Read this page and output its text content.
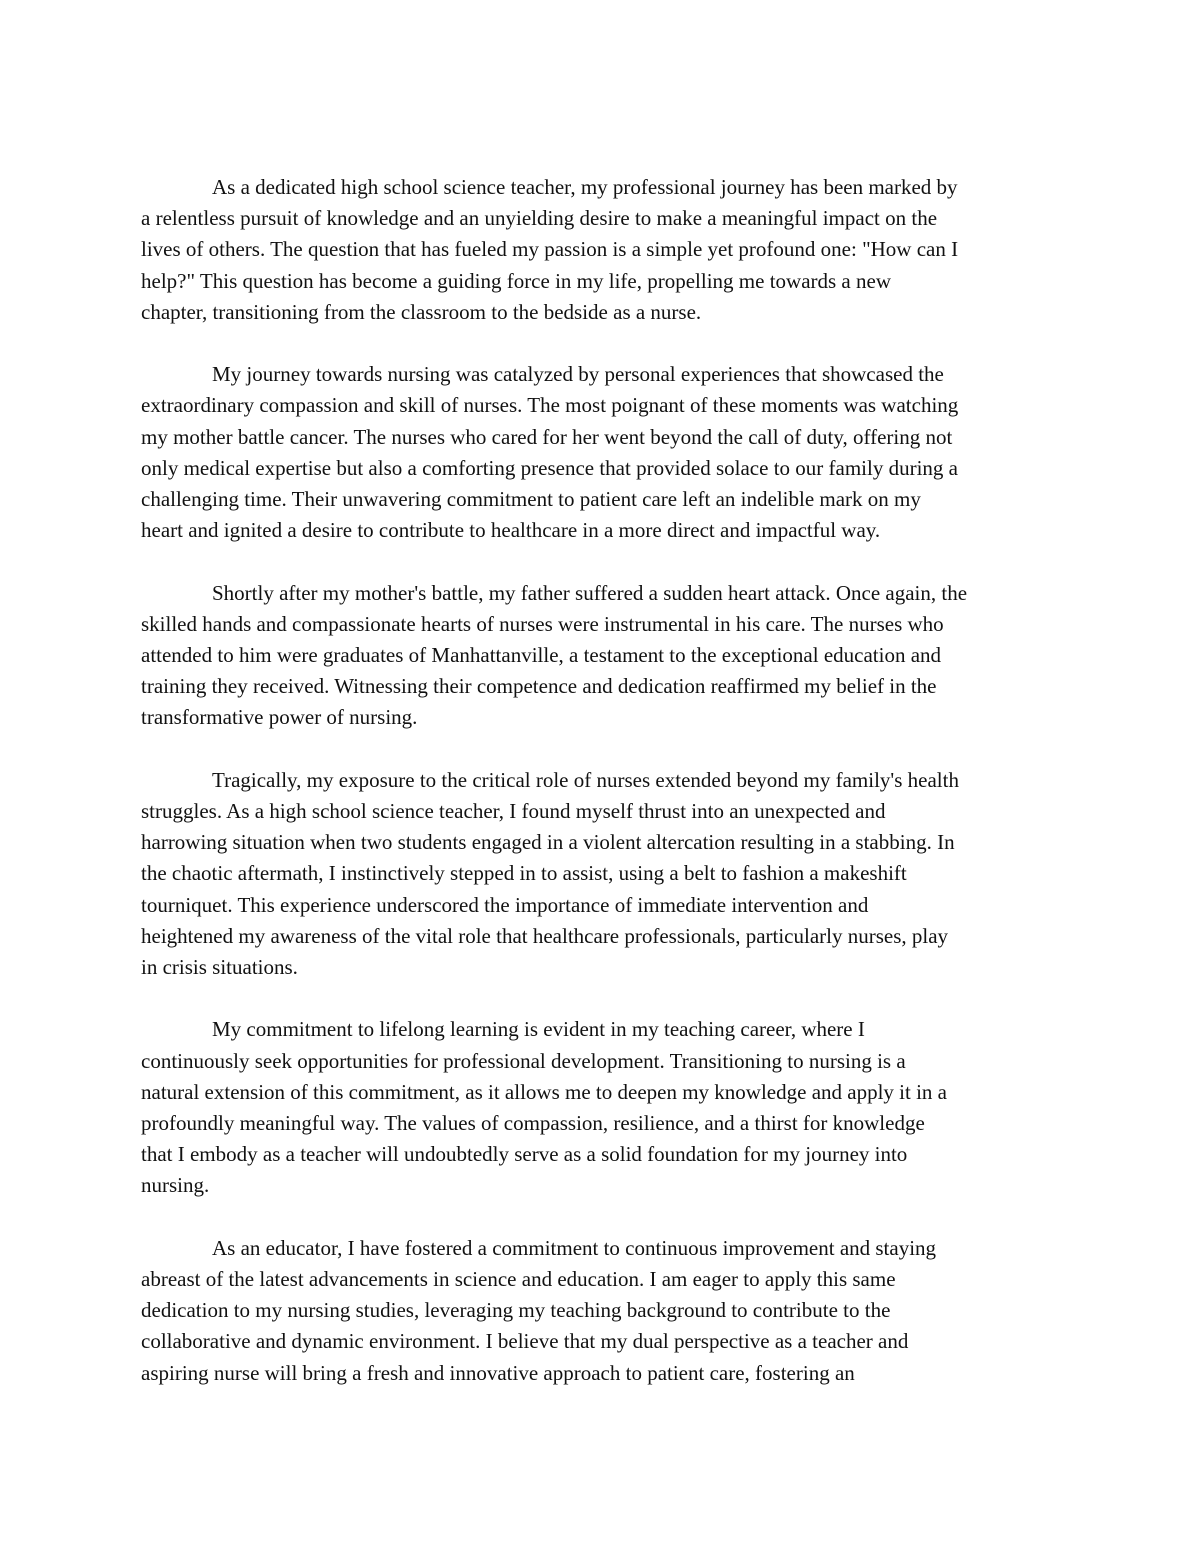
As a dedicated high school science teacher, my professional journey has been marked by
a relentless pursuit of knowledge and an unyielding desire to make a meaningful impact on the
lives of others. The question that has fueled my passion is a simple yet profound one: "How can I
help?" This question has become a guiding force in my life, propelling me towards a new
chapter, transitioning from the classroom to the bedside as a nurse.

My journey towards nursing was catalyzed by personal experiences that showcased the
extraordinary compassion and skill of nurses. The most poignant of these moments was watching
my mother battle cancer. The nurses who cared for her went beyond the call of duty, offering not
only medical expertise but also a comforting presence that provided solace to our family during a
challenging time. Their unwavering commitment to patient care left an indelible mark on my
heart and ignited a desire to contribute to healthcare in a more direct and impactful way.

Shortly after my mother's battle, my father suffered a sudden heart attack. Once again, the
skilled hands and compassionate hearts of nurses were instrumental in his care. The nurses who
attended to him were graduates of Manhattanville, a testament to the exceptional education and
training they received. Witnessing their competence and dedication reaffirmed my belief in the
transformative power of nursing.

Tragically, my exposure to the critical role of nurses extended beyond my family's health
struggles. As a high school science teacher, I found myself thrust into an unexpected and
harrowing situation when two students engaged in a violent altercation resulting in a stabbing. In
the chaotic aftermath, I instinctively stepped in to assist, using a belt to fashion a makeshift
tourniquet. This experience underscored the importance of immediate intervention and
heightened my awareness of the vital role that healthcare professionals, particularly nurses, play
in crisis situations.

My commitment to lifelong learning is evident in my teaching career, where I
continuously seek opportunities for professional development. Transitioning to nursing is a
natural extension of this commitment, as it allows me to deepen my knowledge and apply it in a
profoundly meaningful way. The values of compassion, resilience, and a thirst for knowledge
that I embody as a teacher will undoubtedly serve as a solid foundation for my journey into
nursing.

As an educator, I have fostered a commitment to continuous improvement and staying
abreast of the latest advancements in science and education. I am eager to apply this same
dedication to my nursing studies, leveraging my teaching background to contribute to the
collaborative and dynamic environment. I believe that my dual perspective as a teacher and
aspiring nurse will bring a fresh and innovative approach to patient care, fostering an
